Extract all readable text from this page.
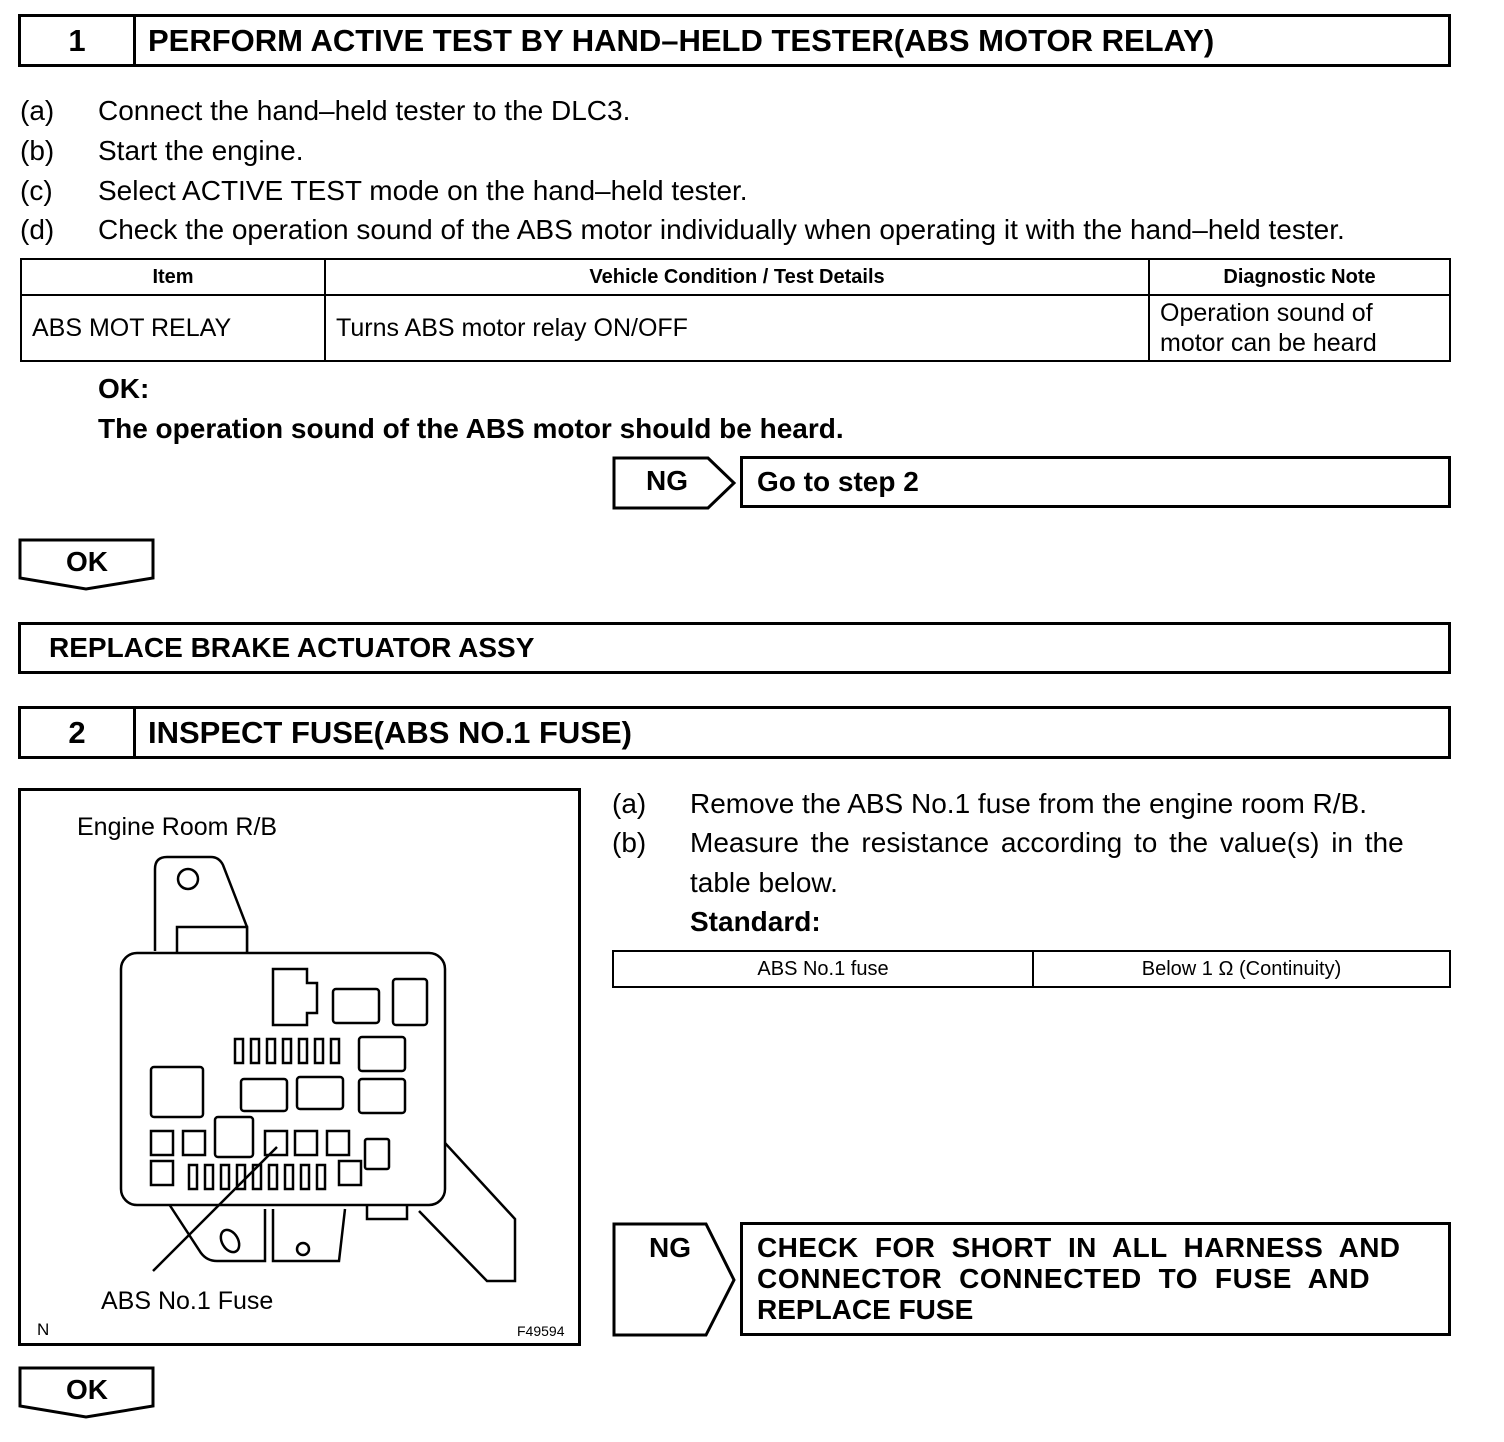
1	PERFORM ACTIVE TEST BY HAND–HELD TESTER(ABS MOTOR RELAY)
(a) Connect the hand–held tester to the DLC3.
(b) Start the engine.
(c) Select ACTIVE TEST mode on the hand–held tester.
(d) Check the operation sound of the ABS motor individually when operating it with the hand–held tester.
Item	Vehicle Condition / Test Details	Diagnostic Note
ABS MOT RELAY	Turns ABS motor relay ON/OFF	Operation sound of
motor can be heard
OK:
The operation sound of the ABS motor should be heard.
NG	Go to step 2
OK
REPLACE BRAKE ACTUATOR ASSY
2	INSPECT FUSE(ABS NO.1 FUSE)
Engine Room R/B
ABS No.1 Fuse
N	F49594
(a) Remove the ABS No.1 fuse from the engine room R/B.
(b) Measure the resistance according to the value(s) in the
table below.
Standard:
ABS No.1 fuse	Below 1 Ω (Continuity)
NG	CHECK  FOR  SHORT  IN  ALL  HARNESS  AND
CONNECTOR  CONNECTED  TO  FUSE  AND
REPLACE FUSE
OK
